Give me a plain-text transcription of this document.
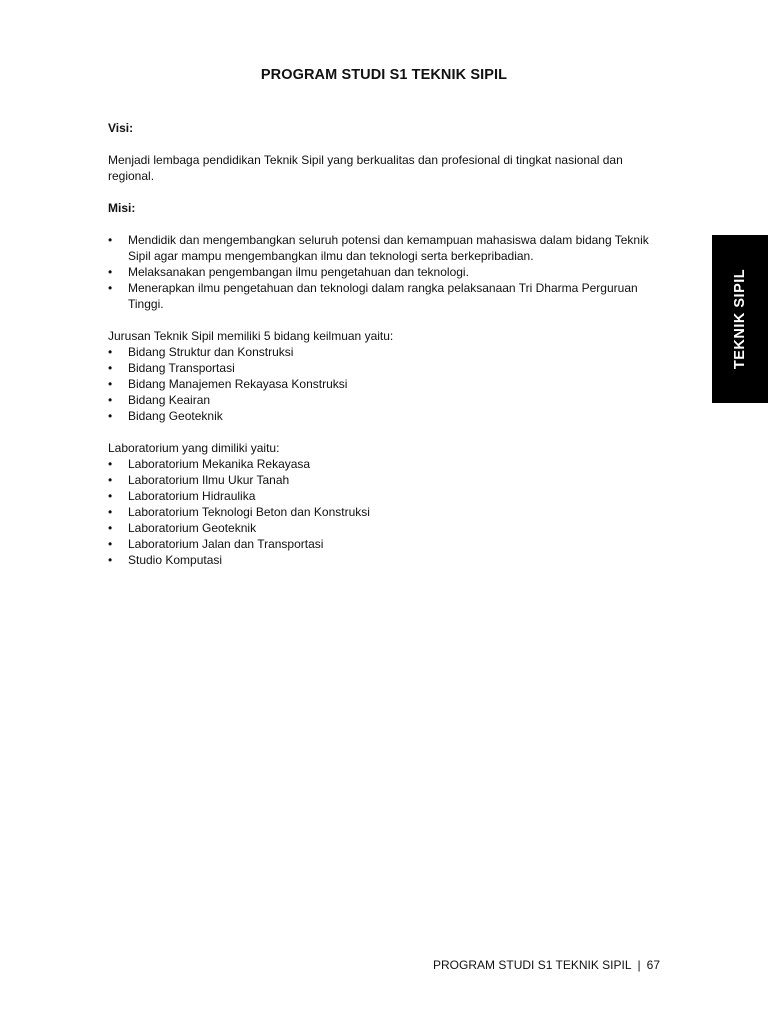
PROGRAM STUDI S1 TEKNIK SIPIL

Visi:

Menjadi lembaga pendidikan Teknik Sipil yang berkualitas dan profesional di tingkat nasional dan regional.

Misi:

• Mendidik dan mengembangkan seluruh potensi dan kemampuan mahasiswa dalam bidang Teknik Sipil agar mampu mengembangkan ilmu dan teknologi serta berkepribadian.
• Melaksanakan pengembangan ilmu pengetahuan dan teknologi.
• Menerapkan ilmu pengetahuan dan teknologi dalam rangka pelaksanaan Tri Dharma Perguruan Tinggi.

Jurusan Teknik Sipil memiliki 5 bidang keilmuan yaitu:

• Bidang Struktur dan Konstruksi
• Bidang Transportasi
• Bidang Manajemen Rekayasa Konstruksi
• Bidang Keairan
• Bidang Geoteknik

Laboratorium yang dimiliki yaitu:

• Laboratorium Mekanika Rekayasa
• Laboratorium Ilmu Ukur Tanah
• Laboratorium Hidraulika
• Laboratorium Teknologi Beton dan Konstruksi
• Laboratorium Geoteknik
• Laboratorium Jalan dan Transportasi
• Studio Komputasi
TEKNIK SIPIL
PROGRAM STUDI S1 TEKNIK SIPIL | 67
